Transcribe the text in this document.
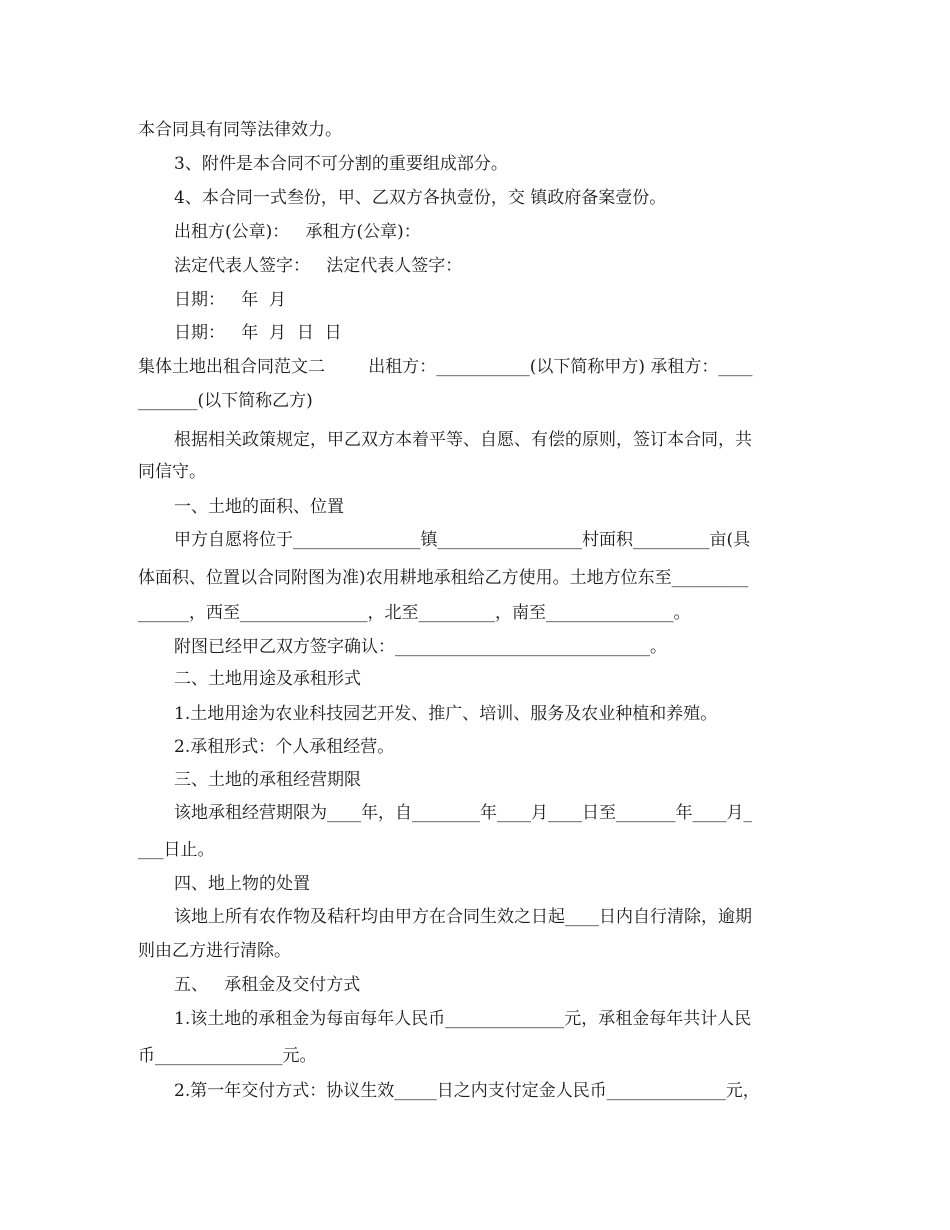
本合同具有同等法律效力。
3、附件是本合同不可分割的重要组成部分。
4、本合同一式叁份，甲、乙双方各执壹份，交 镇政府备案壹份。
出租方(公章)：   承租方(公章)：
法定代表人签字：   法定代表人签字：
日期：   年  月
日期：   年  月  日  日
集体土地出租合同范文二        出租方：___________(以下简称甲方) 承租方：____
_______(以下简称乙方)
根据相关政策规定，甲乙双方本着平等、自愿、有偿的原则，签订本合同，共
同信守。
一、土地的面积、位置
甲方自愿将位于_______________镇_________________村面积_________亩(具
体面积、位置以合同附图为准)农用耕地承租给乙方使用。土地方位东至_________
______，西至_______________，北至_________，南至_______________。
附图已经甲乙双方签字确认：______________________________。
二、土地用途及承租形式
1.土地用途为农业科技园艺开发、推广、培训、服务及农业种植和养殖。
2.承租形式：个人承租经营。
三、土地的承租经营期限
该地承租经营期限为____年，自________年____月____日至_______年____月_
___日止。
四、地上物的处置
该地上所有农作物及秸秆均由甲方在合同生效之日起____日内自行清除，逾期
则由乙方进行清除。
五、   承租金及交付方式
1.该土地的承租金为每亩每年人民币______________元，承租金每年共计人民
币_______________元。
2.第一年交付方式：协议生效_____日之内支付定金人民币______________元，
